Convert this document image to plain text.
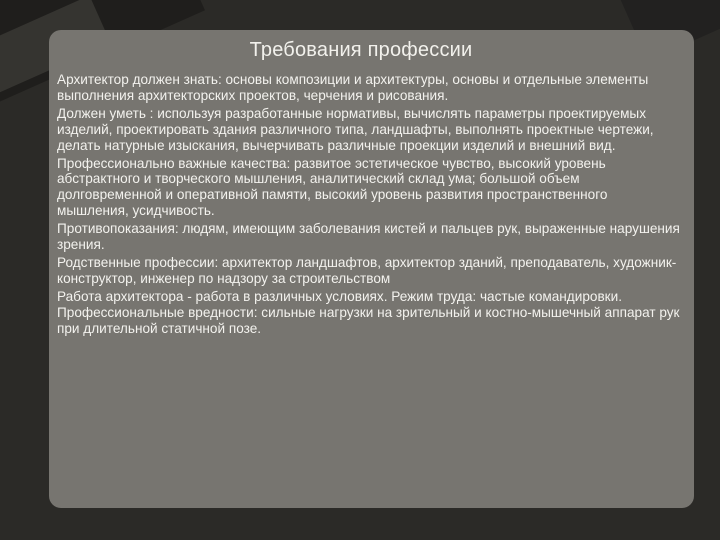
Требования профессии

Архитектор должен знать: основы композиции и архитектуры, основы и отдельные элементы выполнения архитекторских проектов, черчения и рисования.

Должен уметь : используя разработанные нормативы, вычислять параметры проектируемых изделий, проектировать здания различного типа, ландшафты, выполнять проектные чертежи, делать натурные изыскания, вычерчивать различные проекции изделий и внешний вид.

Профессионально важные качества: развитое эстетическое чувство, высокий уровень абстрактного и творческого мышления, аналитический склад ума; большой объем долговременной и оперативной памяти, высокий уровень развития пространственного мышления, усидчивость.

Противопоказания: людям, имеющим заболевания кистей и пальцев рук, выраженные нарушения зрения.

Родственные профессии: архитектор ландшафтов, архитектор зданий, преподаватель, художник-конструктор, инженер по надзору за строительством

Работа архитектора - работа в различных условиях. Режим труда: частые командировки. Профессиональные вредности: сильные нагрузки на зрительный и костно-мышечный аппарат рук при длительной статичной позе.
